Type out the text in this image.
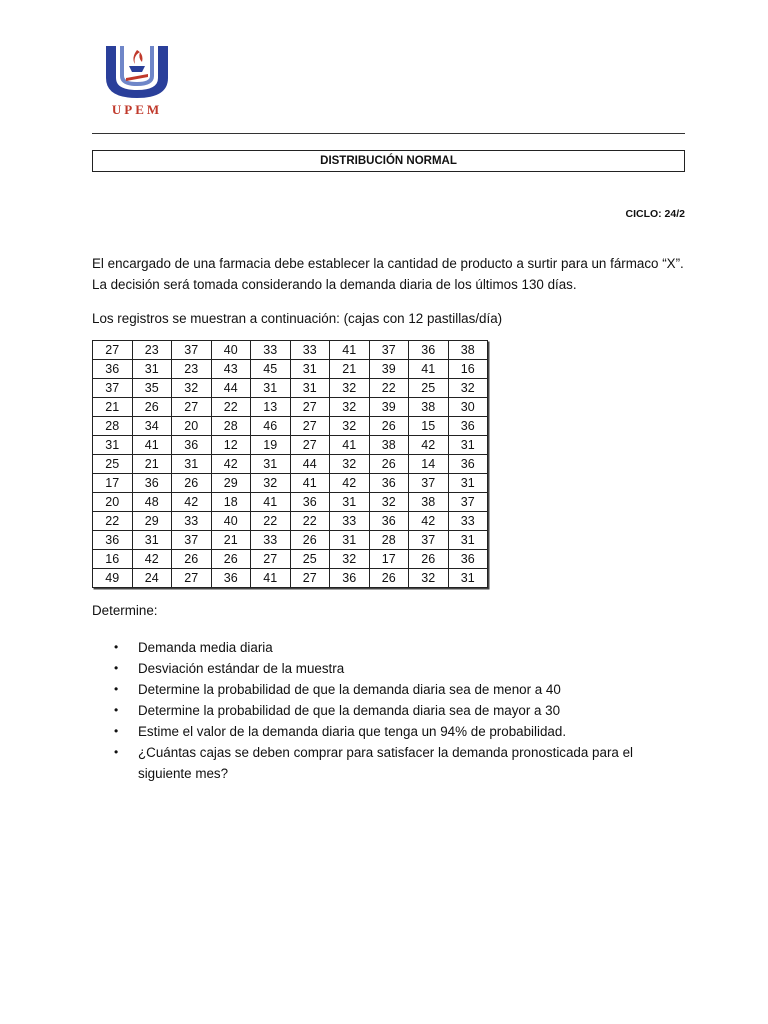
UPEM
DISTRIBUCIÓN NORMAL
CICLO: 24/2
El encargado de una farmacia debe establecer la cantidad de producto a surtir para un fármaco “X”. La decisión será tomada considerando la demanda diaria de los últimos 130 días.
Los registros se muestran a continuación: (cajas con 12 pastillas/día)
27	23	37	40	33	33	41	37	36	38
36	31	23	43	45	31	21	39	41	16
37	35	32	44	31	31	32	22	25	32
21	26	27	22	13	27	32	39	38	30
28	34	20	28	46	27	32	26	15	36
31	41	36	12	19	27	41	38	42	31
25	21	31	42	31	44	32	26	14	36
17	36	26	29	32	41	42	36	37	31
20	48	42	18	41	36	31	32	38	37
22	29	33	40	22	22	33	36	42	33
36	31	37	21	33	26	31	28	37	31
16	42	26	26	27	25	32	17	26	36
49	24	27	36	41	27	36	26	32	31
Determine:
• Demanda media diaria
• Desviación estándar de la muestra
• Determine la probabilidad de que la demanda diaria sea de menor a 40
• Determine la probabilidad de que la demanda diaria sea de mayor a 30
• Estime el valor de la demanda diaria que tenga un 94% de probabilidad.
• ¿Cuántas cajas se deben comprar para satisfacer la demanda pronosticada para el siguiente mes?
